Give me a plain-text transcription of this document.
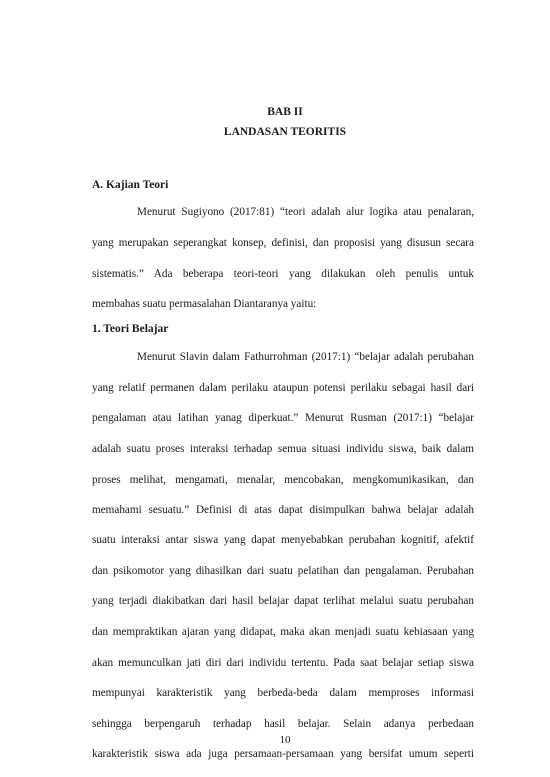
BAB II
LANDASAN TEORITIS
A. Kajian Teori
Menurut Sugiyono (2017:81) “teori adalah alur logika atau penalaran,
yang merupakan seperangkat konsep, definisi, dan proposisi yang disusun secara
sistematis.” Ada beberapa teori-teori yang dilakukan oleh penulis untuk
membahas suatu permasalahan Diantaranya yaitu:
1. Teori Belajar
Menurut Slavin dalam Fathurrohman (2017:1) “belajar adalah perubahan
yang relatif permanen dalam perilaku ataupun potensi perilaku sebagai hasil dari
pengalaman atau latihan yanag diperkuat.” Menurut Rusman (2017:1) “belajar
adalah suatu proses interaksi terhadap semua situasi individu siswa, baik dalam
proses melihat, mengamati, menalar, mencobakan, mengkomunikasikan, dan
memahami sesuatu.” Definisi di atas dapat disimpulkan bahwa belajar adalah
suatu interaksi antar siswa yang dapat menyebabkan perubahan kognitif, afektif
dan psikomotor yang dihasilkan dari suatu pelatihan dan pengalaman. Perubahan
yang terjadi diakibatkan dari hasil belajar dapat terlihat melalui suatu perubahan
dan mempraktikan ajaran yang didapat, maka akan menjadi suatu kebiasaan yang
akan memunculkan jati diri dari individu tertentu. Pada saat belajar setiap siswa
mempunyai karakteristik yang berbeda-beda dalam memproses informasi
sehingga berpengaruh terhadap hasil belajar. Selain adanya perbedaan
karakteristik siswa ada juga persamaan-persamaan yang bersifat umum seperti
10
